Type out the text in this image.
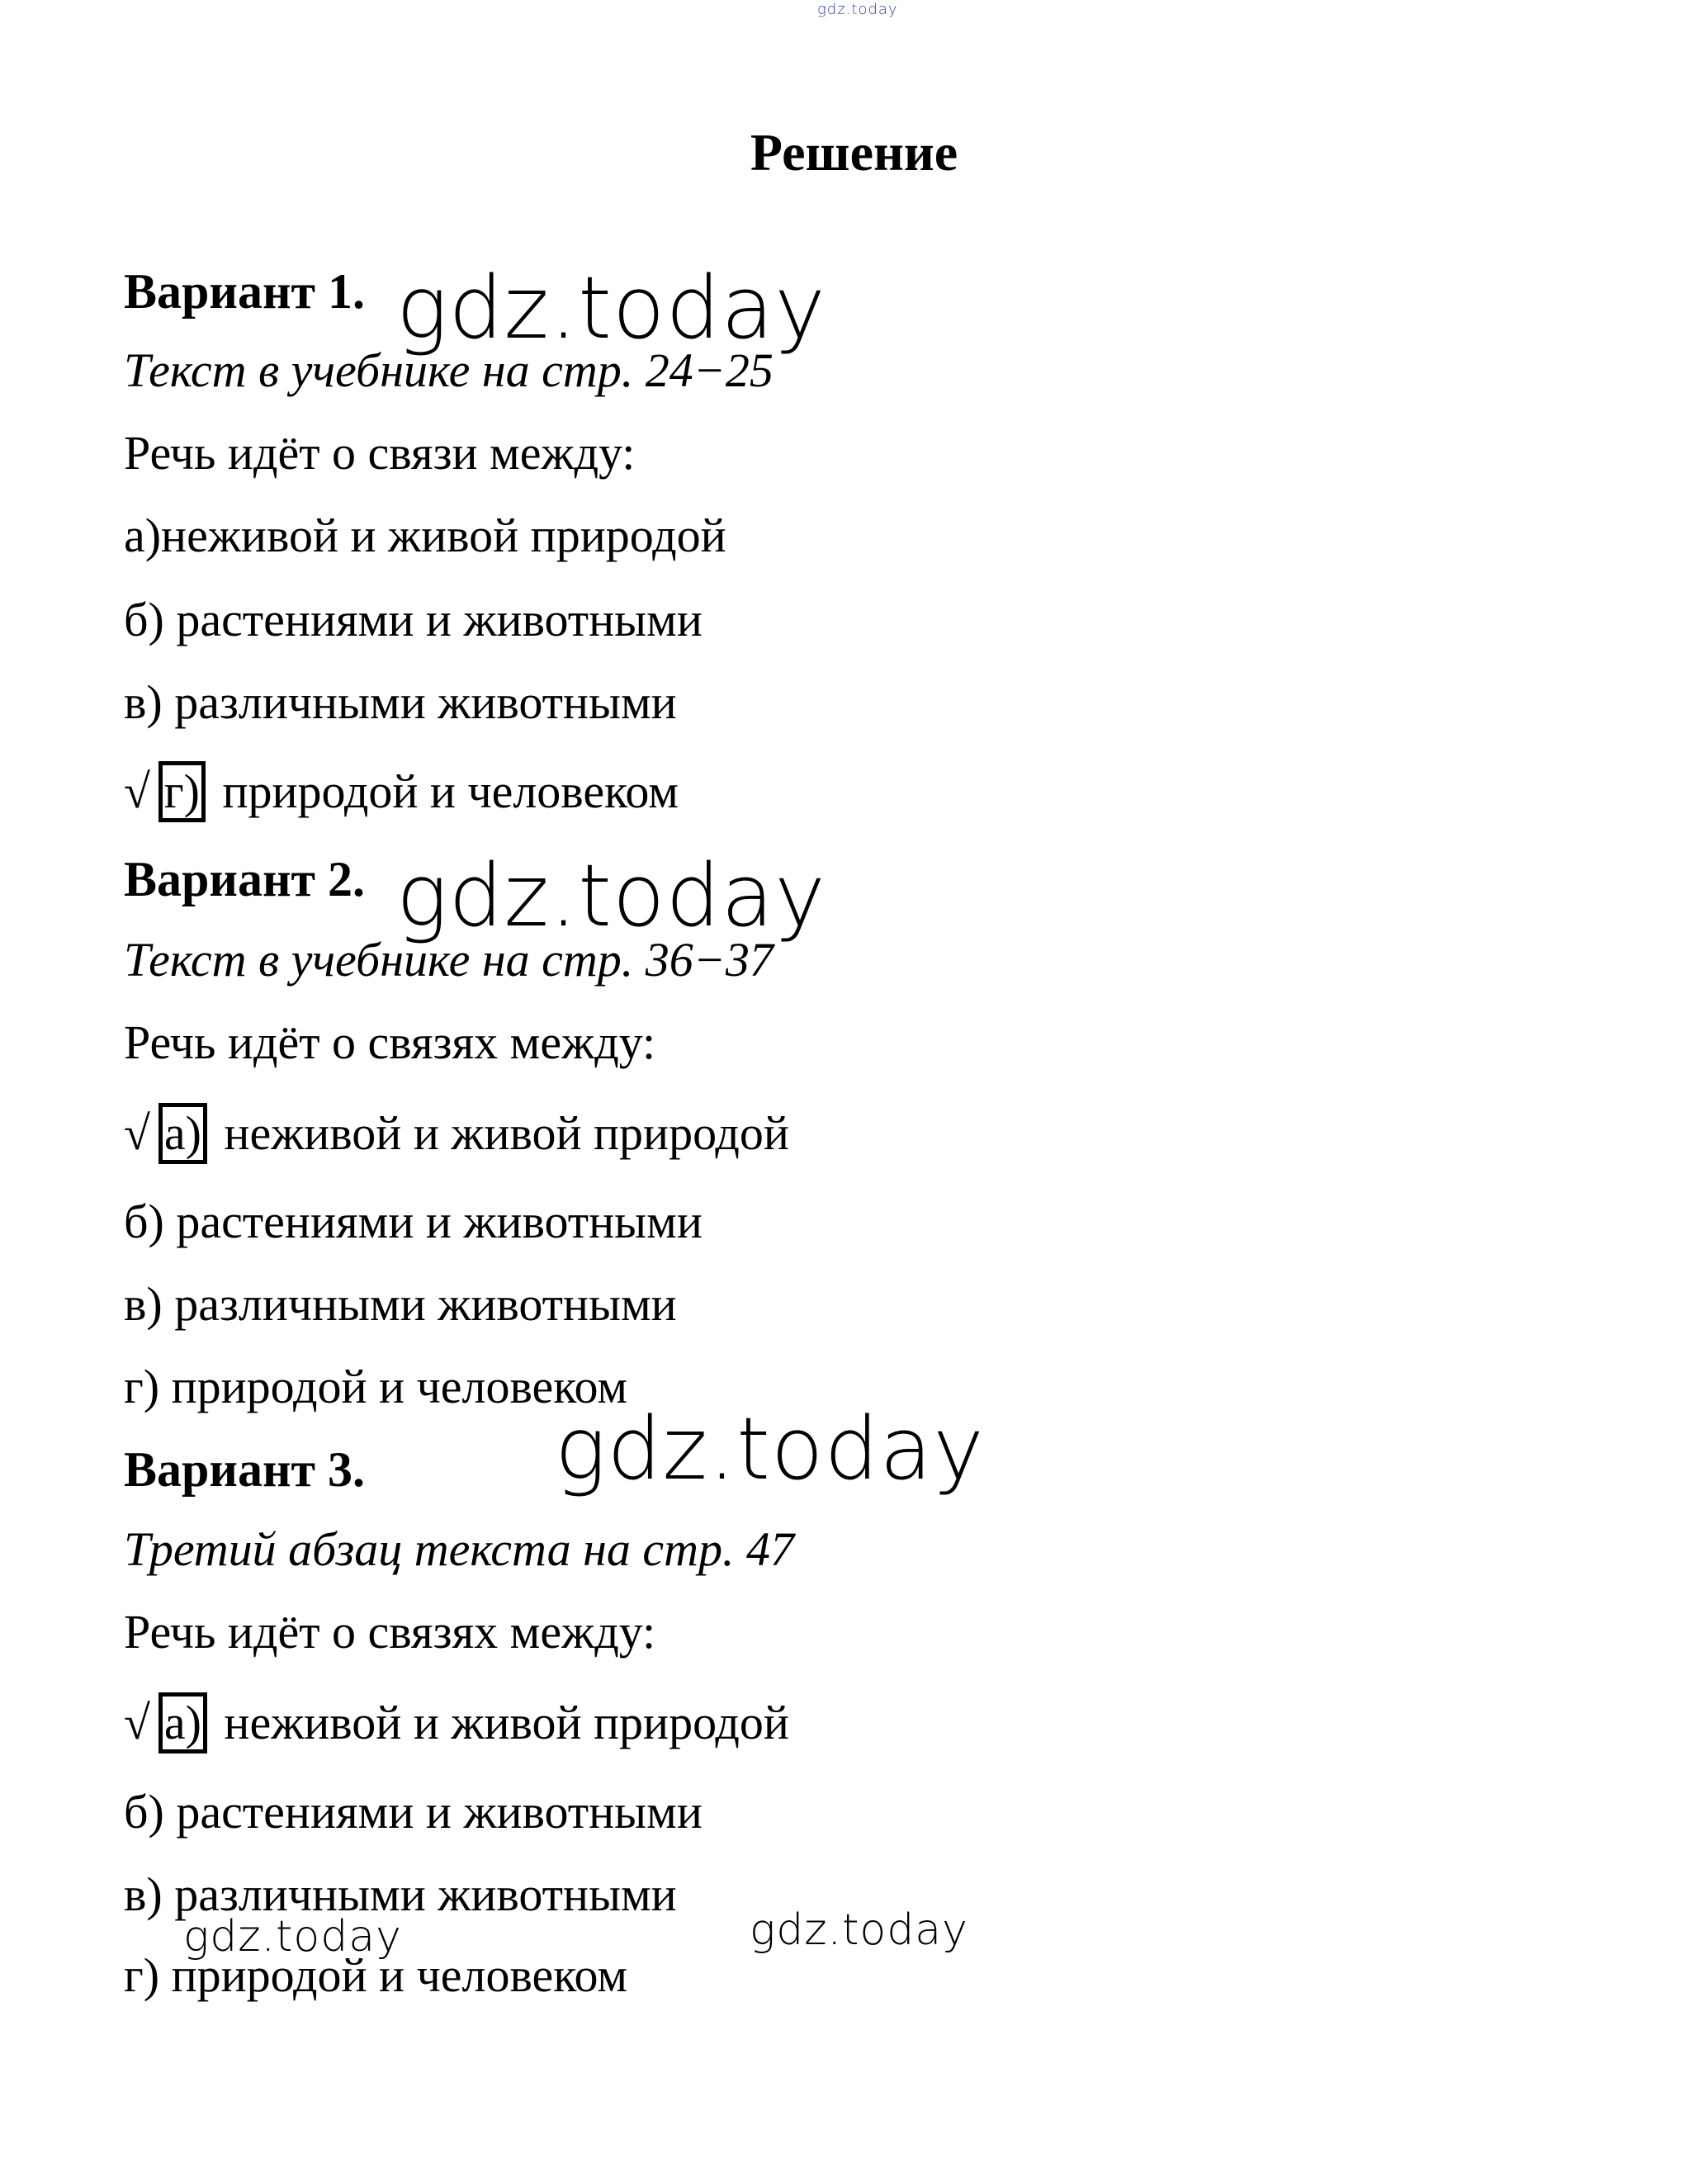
gdz.today
Решение
Вариант 1.
Текст в учебнике на стр. 24−25
Речь идёт о связи между:
а)неживой и живой природой
б) растениями и животными
в) различными животными
√ г) природой и человеком
Вариант 2.
Текст в учебнике на стр. 36−37
Речь идёт о связях между:
√ а) неживой и живой природой
б) растениями и животными
в) различными животными
г) природой и человеком
Вариант 3.
Третий абзац текста на стр. 47
Речь идёт о связях между:
√ а) неживой и живой природой
б) растениями и животными
в) различными животными
г) природой и человеком
gdz.today
gdz.today
gdz.today
gdz.today	gdz.today
